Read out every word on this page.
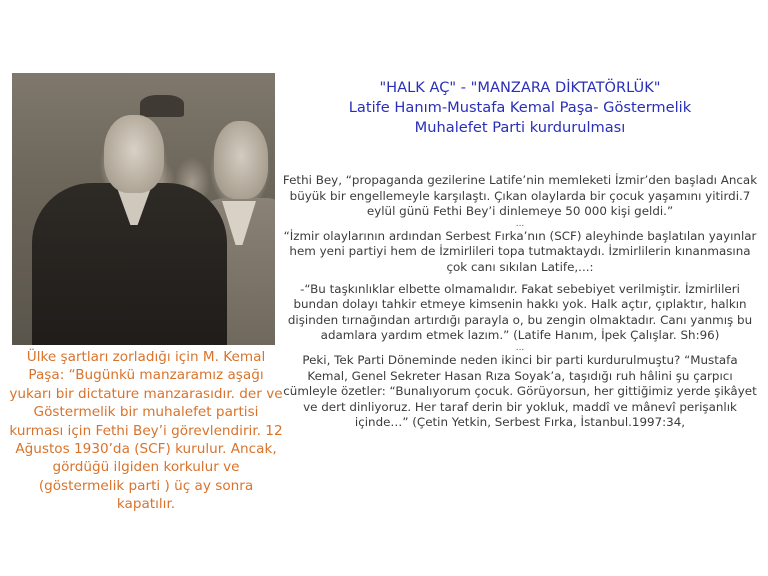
Ülke şartları zorladığı için M. Kemal Paşa: “Bugünkü manzaramız aşağı yukarı bir dictature manzarasıdır. der ve Göstermelik bir muhalefet partisi kurması için Fethi Bey’i görevlendirir. 12 Ağustos 1930’da (SCF) kurulur. Ancak, gördüğü ilgiden korkulur ve (göstermelik parti ) üç ay sonra kapatılır.
"HALK AÇ" - "MANZARA DİKTATÖRLÜK"
Latife Hanım-Mustafa Kemal Paşa- Göstermelik
Muhalefet Parti kurdurulması

Fethi Bey, “propaganda gezilerine Latife’nin memleketi İzmir’den başladı Ancak büyük bir engellemeyle karşılaştı. Çıkan olaylarda bir çocuk yaşamını yitirdi.7 eylül günü Fethi Bey’i dinlemeye 50 000 kişi geldi.”

...

“İzmir olaylarının ardından Serbest Fırka’nın (SCF) aleyhinde başlatılan yayınlar hem yeni partiyi hem de İzmirlileri topa tutmaktaydı. İzmirlilerin kınanmasına çok canı sıkılan Latife,...:

-“Bu taşkınlıklar elbette olmamalıdır. Fakat sebebiyet verilmiştir. İzmirlileri bundan dolayı tahkir etmeye kimsenin hakkı yok. Halk açtır, çıplaktır, halkın dişinden tırnağından artırdığı parayla o, bu zengin olmaktadır. Canı yanmış bu adamlara yardım etmek lazım.” (Latife Hanım, İpek Çalışlar. Sh:96)

...

Peki, Tek Parti Döneminde neden ikinci bir parti kurdurulmuştu? “Mustafa Kemal, Genel Sekreter Hasan Rıza Soyak’a, taşıdığı ruh hâlini şu çarpıcı cümleyle özetler: “Bunalıyorum çocuk. Görüyorsun, her gittiğimiz yerde şikâyet ve dert dinliyoruz. Her taraf derin bir yokluk, maddî ve mânevî perişanlık içinde…” (Çetin Yetkin, Serbest Fırka, İstanbul.1997:34,
